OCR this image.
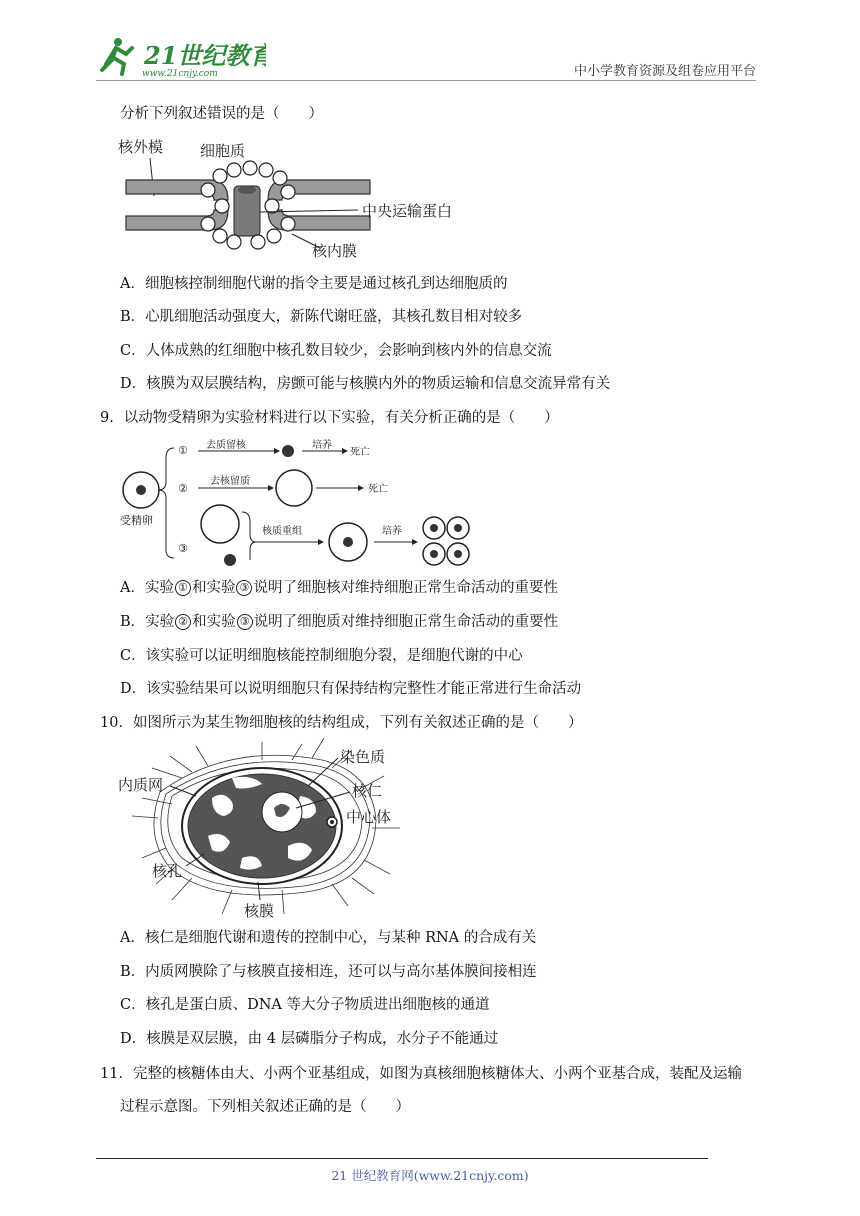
21世纪教育
www.21cnjy.com	中小学教育资源及组卷应用平台
分析下列叙述错误的是（　　）
核外模 细胞质
中央运输蛋白
核内膜
A．细胞核控制细胞代谢的指令主要是通过核孔到达细胞质的
B．心肌细胞活动强度大，新陈代谢旺盛，其核孔数目相对较多
C．人体成熟的红细胞中核孔数目较少，会影响到核内外的信息交流
D．核膜为双层膜结构，房颤可能与核膜内外的物质运输和信息交流异常有关
9．以动物受精卵为实验材料进行以下实验，有关分析正确的是（　　）
受精卵
①
②
③
去质留核	培养
死亡
去核留质
死亡
核质重组	培养
A．实验 ① 和实验 ③ 说明了细胞核对维持细胞正常生命活动的重要性
B．实验 ② 和实验 ③ 说明了细胞质对维持细胞正常生命活动的重要性
C．该实验可以证明细胞核能控制细胞分裂，是细胞代谢的中心
D．该实验结果可以说明细胞只有保持结构完整性才能正常进行生命活动
10．如图所示为某生物细胞核的结构组成，下列有关叙述正确的是（　　）
内质网
染色质
核仁
中心体
核孔
核膜
A．核仁是细胞代谢和遗传的控制中心，与某种 RNA 的合成有关
B．内质网膜除了与核膜直接相连，还可以与高尔基体膜间接相连
C．核孔是蛋白质、DNA 等大分子物质进出细胞核的通道
D．核膜是双层膜，由 4 层磷脂分子构成，水分子不能通过
11．完整的核糖体由大、小两个亚基组成，如图为真核细胞核糖体大、小两个亚基合成，装配及运输
过程示意图。下列相关叙述正确的是（　　）
21 世纪教育网(www.21cnjy.com)
